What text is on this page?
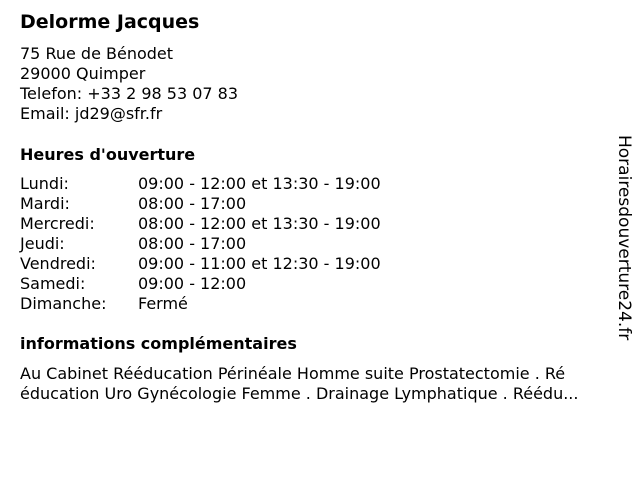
Delorme Jacques
75 Rue de Bénodet
29000 Quimper
Telefon: +33 2 98 53 07 83
Email: jd29@sfr.fr
Heures d'ouverture
Lundi:	09:00 - 12:00 et 13:30 - 19:00
Mardi:	08:00 - 17:00
Mercredi:	08:00 - 12:00 et 13:30 - 19:00
Jeudi:	08:00 - 17:00
Vendredi:	09:00 - 11:00 et 12:30 - 19:00
Samedi:	09:00 - 12:00
Dimanche: Fermé
informations complémentaires
Au Cabinet Rééducation Périnéale Homme suite Prostatectomie . Ré
éducation Uro Gynécologie Femme . Drainage Lymphatique . Réédu...
Horairesdouverture24.fr
